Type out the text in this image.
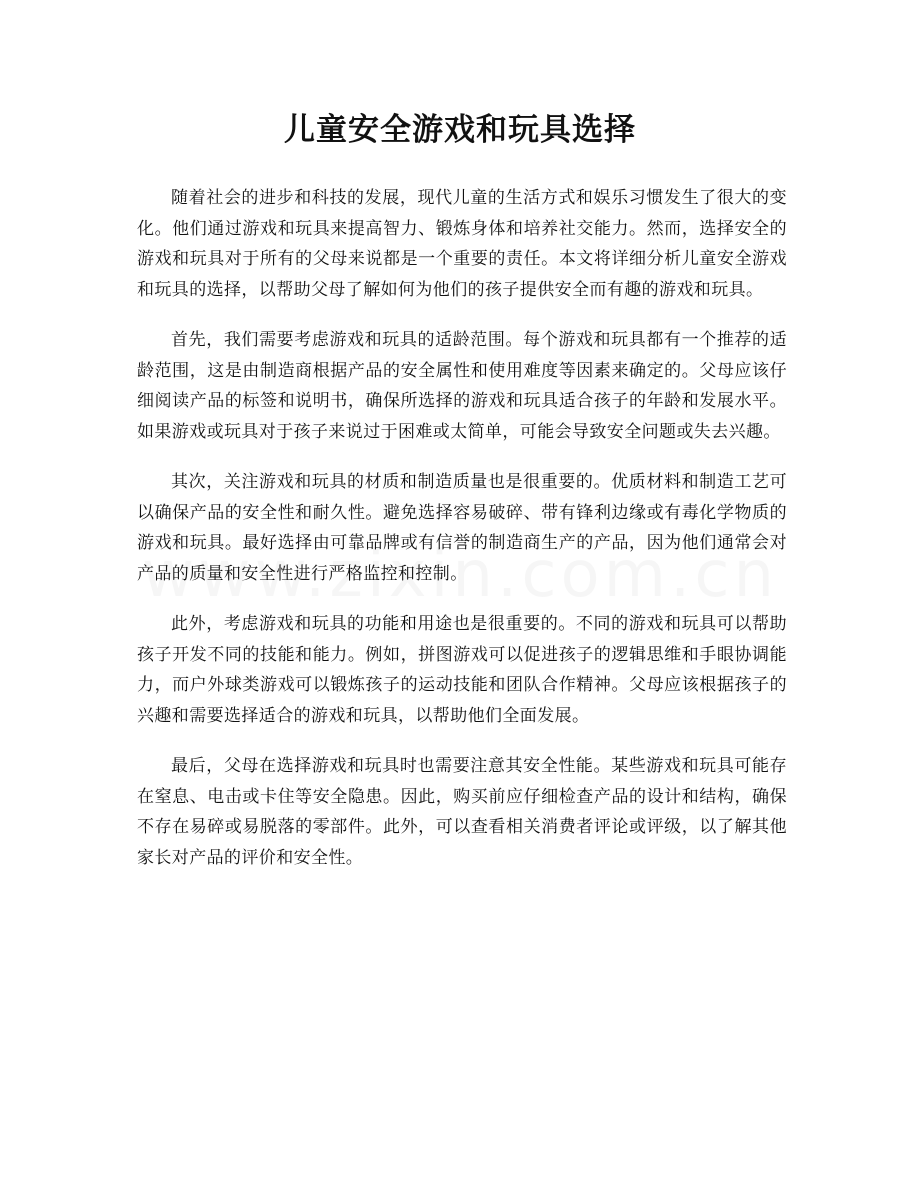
儿童安全游戏和玩具选择

随着社会的进步和科技的发展，现代儿童的生活方式和娱乐习惯发生了很大的变化。他们通过游戏和玩具来提高智力、锻炼身体和培养社交能力。然而，选择安全的游戏和玩具对于所有的父母来说都是一个重要的责任。本文将详细分析儿童安全游戏和玩具的选择，以帮助父母了解如何为他们的孩子提供安全而有趣的游戏和玩具。

首先，我们需要考虑游戏和玩具的适龄范围。每个游戏和玩具都有一个推荐的适龄范围，这是由制造商根据产品的安全属性和使用难度等因素来确定的。父母应该仔细阅读产品的标签和说明书，确保所选择的游戏和玩具适合孩子的年龄和发展水平。如果游戏或玩具对于孩子来说过于困难或太简单，可能会导致安全问题或失去兴趣。

其次，关注游戏和玩具的材质和制造质量也是很重要的。优质材料和制造工艺可以确保产品的安全性和耐久性。避免选择容易破碎、带有锋利边缘或有毒化学物质的游戏和玩具。最好选择由可靠品牌或有信誉的制造商生产的产品，因为他们通常会对产品的质量和安全性进行严格监控和控制。

此外，考虑游戏和玩具的功能和用途也是很重要的。不同的游戏和玩具可以帮助孩子开发不同的技能和能力。例如，拼图游戏可以促进孩子的逻辑思维和手眼协调能力，而户外球类游戏可以锻炼孩子的运动技能和团队合作精神。父母应该根据孩子的兴趣和需要选择适合的游戏和玩具，以帮助他们全面发展。

最后，父母在选择游戏和玩具时也需要注意其安全性能。某些游戏和玩具可能存在窒息、电击或卡住等安全隐患。因此，购买前应仔细检查产品的设计和结构，确保不存在易碎或易脱落的零部件。此外，可以查看相关消费者评论或评级，以了解其他家长对产品的评价和安全性。
